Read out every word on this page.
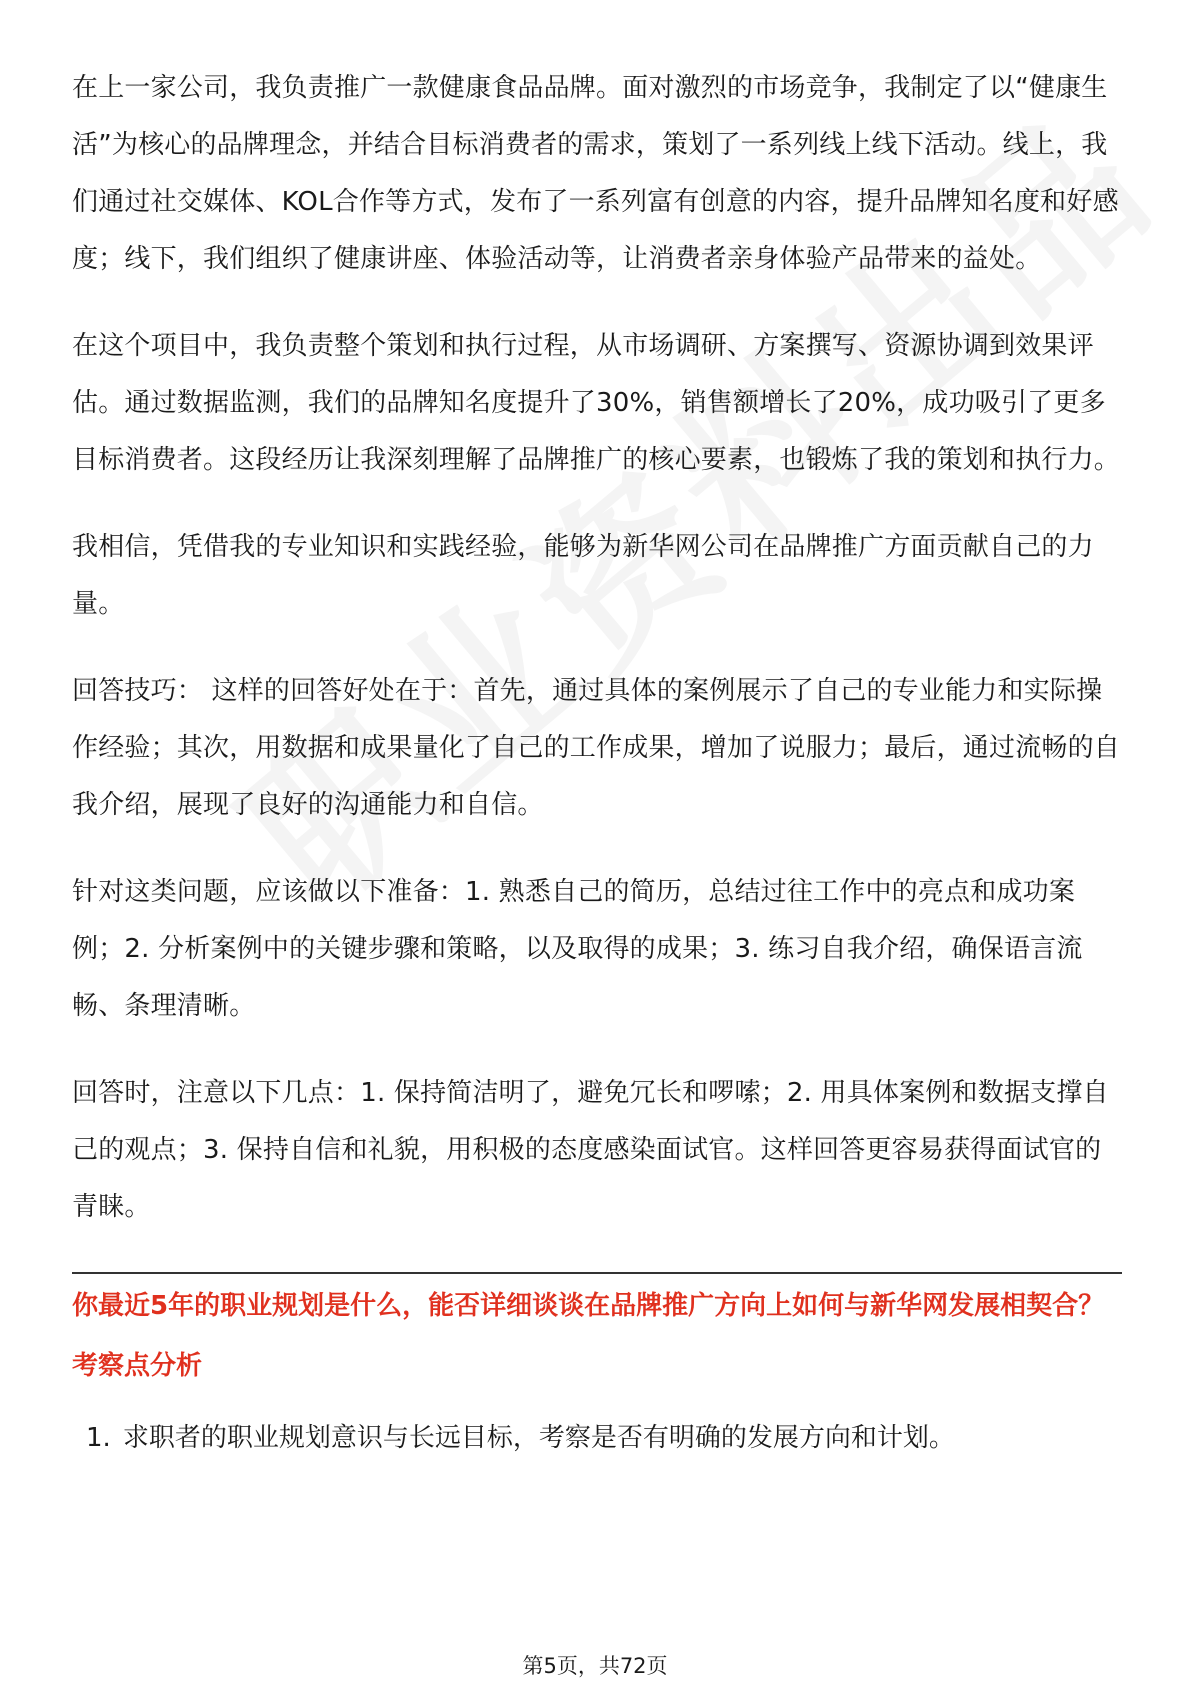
在上一家公司，我负责推广一款健康食品品牌。面对激烈的市场竞争，我制定了以“健康生活”为核心的品牌理念，并结合目标消费者的需求，策划了一系列线上线下活动。线上，我们通过社交媒体、KOL合作等方式，发布了一系列富有创意的内容，提升品牌知名度和好感度；线下，我们组织了健康讲座、体验活动等，让消费者亲身体验产品带来的益处。

在这个项目中，我负责整个策划和执行过程，从市场调研、方案撰写、资源协调到效果评估。通过数据监测，我们的品牌知名度提升了30%，销售额增长了20%，成功吸引了更多目标消费者。这段经历让我深刻理解了品牌推广的核心要素，也锻炼了我的策划和执行力。

我相信，凭借我的专业知识和实践经验，能够为新华网公司在品牌推广方面贡献自己的力量。

回答技巧： 这样的回答好处在于：首先，通过具体的案例展示了自己的专业能力和实际操作经验；其次，用数据和成果量化了自己的工作成果，增加了说服力；最后，通过流畅的自我介绍，展现了良好的沟通能力和自信。

针对这类问题，应该做以下准备：1. 熟悉自己的简历，总结过往工作中的亮点和成功案例；2. 分析案例中的关键步骤和策略，以及取得的成果；3. 练习自我介绍，确保语言流畅、条理清晰。

回答时，注意以下几点：1. 保持简洁明了，避免冗长和啰嗦；2. 用具体案例和数据支撑自己的观点；3. 保持自信和礼貌，用积极的态度感染面试官。这样回答更容易获得面试官的青睐。

你最近5年的职业规划是什么，能否详细谈谈在品牌推广方向上如何与新华网发展相契合？
考察点分析
1. 求职者的职业规划意识与长远目标，考察是否有明确的发展方向和计划。
第5页，共72页
